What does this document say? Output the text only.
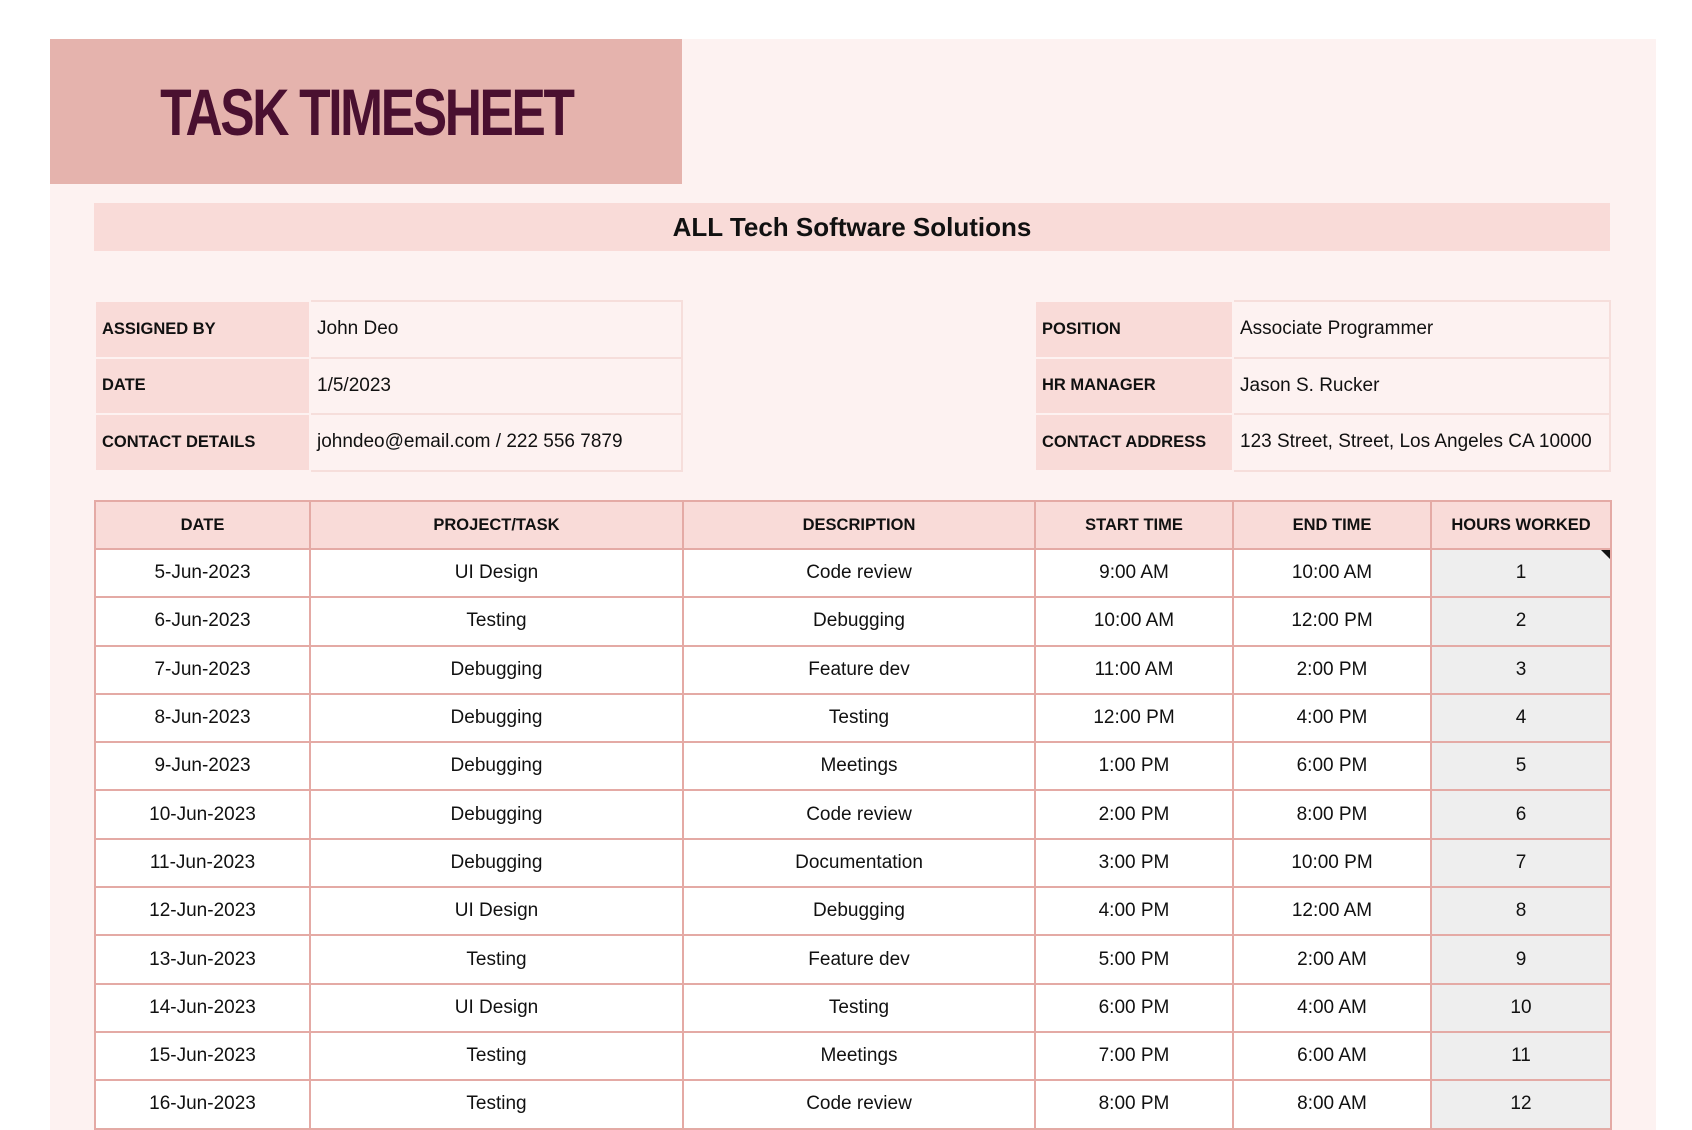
TASK TIMESHEET
ALL Tech Software Solutions
ASSIGNED BY	John Deo
DATE	1/5/2023
CONTACT DETAILS	johndeo@email.com / 222 556 7879
POSITION	Associate Programmer
HR MANAGER	Jason S. Rucker
CONTACT ADDRESS	123 Street, Street, Los Angeles CA 10000
DATE	PROJECT/TASK	DESCRIPTION	START TIME	END TIME	HOURS WORKED
5-Jun-2023	UI Design	Code review	9:00 AM	10:00 AM	1

6-Jun-2023	Testing	Debugging	10:00 AM	12:00 PM	2
7-Jun-2023	Debugging	Feature dev	11:00 AM	2:00 PM	3
8-Jun-2023	Debugging	Testing	12:00 PM	4:00 PM	4
9-Jun-2023	Debugging	Meetings	1:00 PM	6:00 PM	5
10-Jun-2023	Debugging	Code review	2:00 PM	8:00 PM	6
11-Jun-2023	Debugging	Documentation	3:00 PM	10:00 PM	7
12-Jun-2023	UI Design	Debugging	4:00 PM	12:00 AM	8
13-Jun-2023	Testing	Feature dev	5:00 PM	2:00 AM	9
14-Jun-2023	UI Design	Testing	6:00 PM	4:00 AM	10
15-Jun-2023	Testing	Meetings	7:00 PM	6:00 AM	11
16-Jun-2023	Testing	Code review	8:00 PM	8:00 AM	12
